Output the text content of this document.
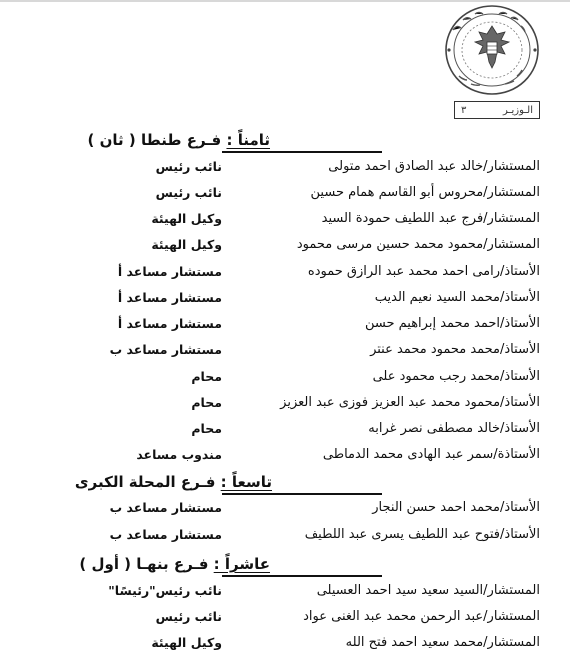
الـوزيـر
٣
ثامناً : فـرع طنطا ( ثان )
المستشار/خالد عبد الصادق احمد متولى
نائب رئيس
المستشار/محروس أبو القاسم همام حسين
نائب رئيس
المستشار/فرج عبد اللطيف حمودة السيد
وكيل الهيئة
المستشار/محمود محمد حسين مرسى محمود
وكيل الهيئة
الأستاذ/رامى احمد محمد عبد الرازق حموده
مستشار مساعد أ
الأستاذ/محمد السيد نعيم الديب
مستشار مساعد أ
الأستاذ/احمد محمد إبراهيم حسن
مستشار مساعد أ
الأستاذ/محمد محمود محمد عنتر
مستشار مساعد ب
الأستاذ/محمد رجب محمود على
محام
الأستاذ/محمود محمد عبد العزيز فوزى عبد العزيز
محام
الأستاذ/خالد مصطفى نصر غرابه
محام
الأستاذة/سمر عبد الهادى محمد الدماطى
مندوب مساعد
تاسعاً : فـرع المحلة الكبرى
الأستاذ/محمد احمد حسن النجار
مستشار مساعد ب
الأستاذ/فتوح عبد اللطيف يسرى عبد اللطيف
مستشار مساعد ب
عاشراً : فـرع بنهـا ( أول )
المستشار/السيد سعيد سيد احمد العسيلى
نائب رئيس"رئيسًا"
المستشار/عبد الرحمن محمد عبد الغنى عواد
نائب رئيس
المستشار/محمد سعيد احمد فتح الله
وكيل الهيئة
